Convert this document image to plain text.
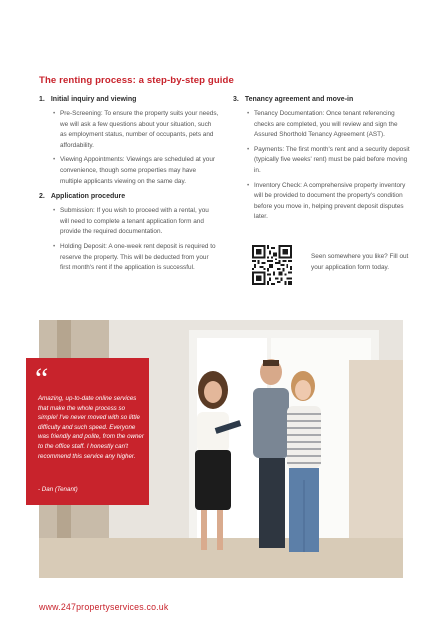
The renting process: a step-by-step guide
1. Initial inquiry and viewing
• Pre-Screening: To ensure the property suits your needs, we will ask a few questions about your situation, such as employment status, number of occupants, pets and affordability.
• Viewing Appointments: Viewings are scheduled at your convenience, though some properties may have multiple applicants viewing on the same day.
2. Application procedure
• Submission: If you wish to proceed with a rental, you will need to complete a tenant application form and provide the required documentation.
• Holding Deposit: A one-week rent deposit is required to reserve the property. This will be deducted from your first month's rent if the application is successful.
3. Tenancy agreement and move-in
• Tenancy Documentation: Once tenant referencing checks are completed, you will review and sign the Assured Shorthold Tenancy Agreement (AST).
• Payments: The first month's rent and a security deposit (typically five weeks' rent) must be paid before moving in.
• Inventory Check: A comprehensive property inventory will be provided to document the property's condition before you move in, helping prevent deposit disputes later.

Seen somewhere you like? Fill out your application form today.

“

Amazing, up-to-date online services that make the whole process so simple! I've never moved with so little difficulty and such speed. Everyone was friendly and polite, from the owner to the office staff. I honestly can't recommend this service any higher.

- Dan (Tenant)

www.247propertyservices.co.uk
